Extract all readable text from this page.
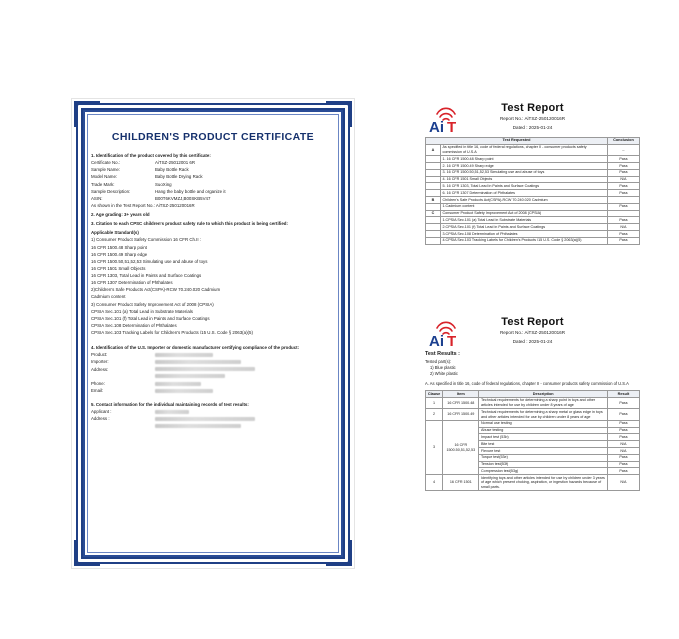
CHILDREN'S PRODUCT CERTIFICATE
1. Identification of the product covered by this certificate:
Certificate No.:	AiTSZ-25012001 6R
Sample Name:	Baby Bottle Rack
Model Name:	Baby Bottle Drying Rack
Trade Mark:	SuoXing
Sample Description:	Hang the baby bottle and organize it
ASIN:	B00T6KVMZJ,B00SKB5V47
As shown in the Test Report No.: AiTSZ-250120016R
2. Age grading: 3+ years old
3. Citation to each CPSC children's product safety rule to which this product is being certified:
Applicable Standard(s)
1) Consumer Product Safety Commission 16 CFR Ch.II :
16 CFR 1500.48 Sharp point
16 CFR 1500.49 Sharp edge
16 CFR 1500.50,51,52,53 Simulating use and abuse of toys
16 CFR 1501 Small Objects
16 CFR 1303, Total Lead in Paints and Surface Coatings
16 CFR 1307 Determination of Phthalates
2)Children's Safe Products Act(CSPA)-RCW 70.240.020 Cadmium
Cadmium content
3) Consumer Product Safety Improvement Act of 2008 (CPSIA)
CPSIA Sec.101 (a) Total Lead in Substrate Materials
CPSIA Sec.101 (f) Total Lead in Paints and Surface Coatings
CPSIA Sec.108 Determination of Phthalates
CPSIA Sec.103 Tracking Labels for Children's Products /15 U.S. Code § 2063(a)(5)
4. Identification of the U.S. Importer or domestic manufacturer certifying compliance of the product:
Product:
Importer:
Address:
Phone:
Email:
5. Contact information for the individual maintaining records of test results:
Applicant :
Address :
Ai T
Test Report
Report No.: AiTSZ-250120016R
Dated : 2025-01-24
Test Requested		Conclusion
A	As specified in title 16, code of federal regulations, chapter II - consumer products safety commission of U.S.A	--
	1. 16 CFR 1500.48 Sharp point	Pass
	2. 16 CFR 1500.49 Sharp edge	Pass
	3. 16 CFR 1500.50,51,52,53 Simulating use and abuse of toys	Pass
	4. 16 CFR 1501 Small Objects	N/A
	5. 16 CFR 1303, Total Lead in Paints and Surface Coatings	Pass
	6. 16 CFR 1307 Determination of Phthalates	Pass
B	Children's Safe Products Act(CSPA)-RCW 70.240.020 Cadmium	
	1.Cadmium content	Pass
C	Consumer Product Safety Improvement Act of 2008 (CPSIA)	
	1.CPSIA Sec.101 (a) Total Lead in Substrate Materials	Pass
	2.CPSIA Sec.101 (f) Total Lead in Paints and Surface Coatings	N/A
	3.CPSIA Sec.108 Determination of Phthalates	Pass
	4.CPSIA Sec.103 Tracking Labels for Children's Products /15 U.S. Code § 2063(a)(5)	Pass
Ai T
Test Report
Report No.: AiTSZ-250120016R
Dated : 2025-01-24
Test Results :
Tested part(s):
1) Blue plastic
2) White plastic
A. As specified in title 16, code of federal regulations, chapter II - consumer products safety commission of U.S.A
Clause	Item	Description	Result
1	16 CFR 1500.48	Technical requirements for determining a sharp point in toys and other articles intended for use by children under 8 years of age	Pass
2	16 CFR 1500.49	Technical requirements for determining a sharp metal or glass edge in toys and other articles intended for use by children under 8 years of age	Pass
3	16 CFR 1500.50,51,52,53	Normal use testing	Pass
		Abuse testing	Pass
		Impact test (53b)	Pass
		Bite test	N/A
		Flexure test	N/A
		Torque test(53e)	Pass
		Tension test(53f)	Pass
		Compression test(53g)	Pass
4	16 CFR 1501	Identifying toys and other articles intended for use by children under 3 years of age which present choking, aspiration, or ingestion hazards because of small parts.	N/A
